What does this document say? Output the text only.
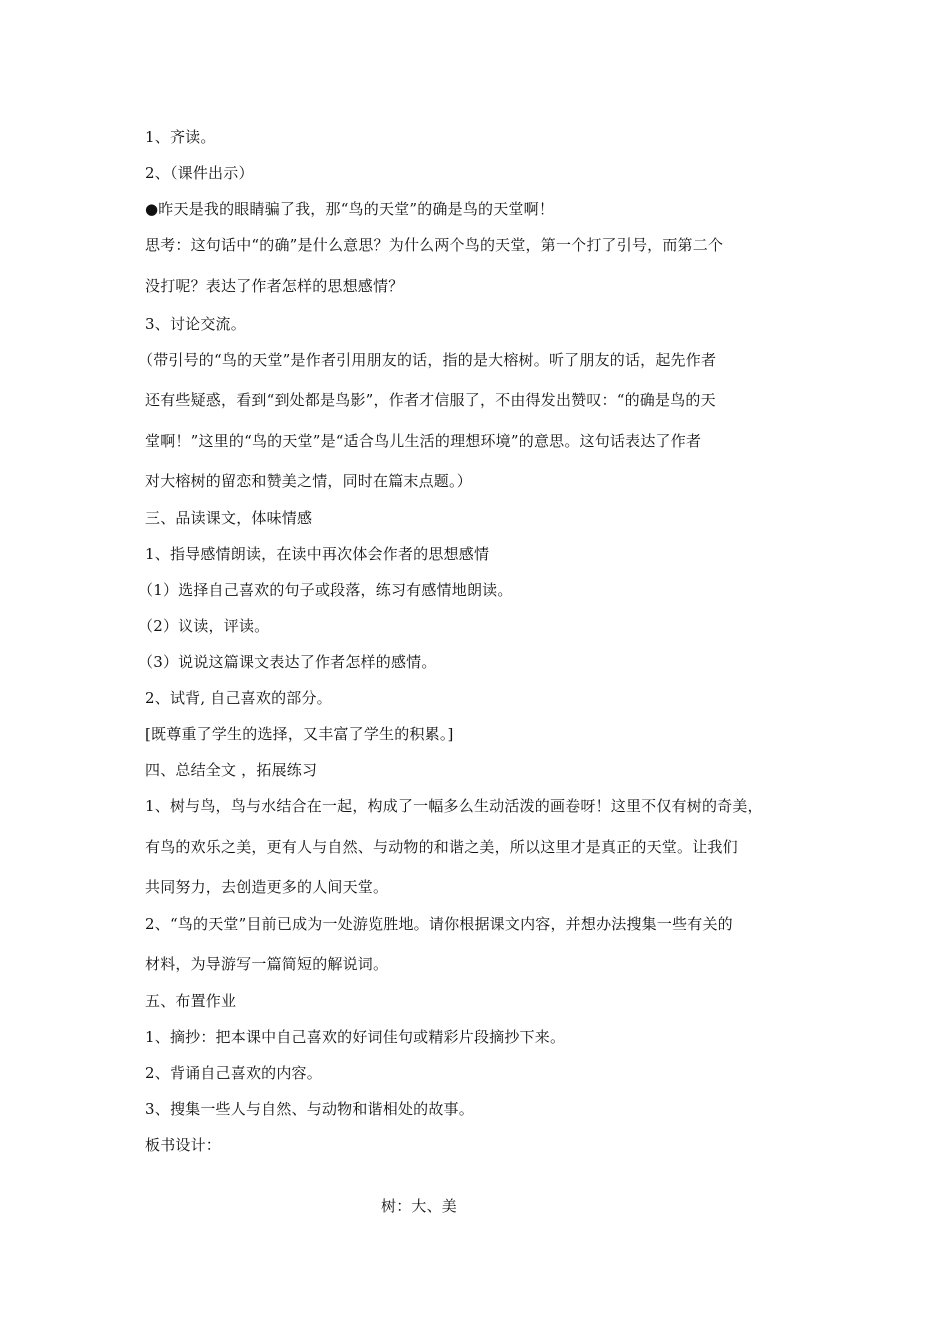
1、齐读。
2、（课件出示）
●昨天是我的眼睛骗了我，那“鸟的天堂”的确是鸟的天堂啊！
思考：这句话中“的确”是什么意思？为什么两个鸟的天堂，第一个打了引号，而第二个
没打呢？表达了作者怎样的思想感情？
3、讨论交流。
（带引号的“鸟的天堂”是作者引用朋友的话，指的是大榕树。听了朋友的话，起先作者
还有些疑惑，看到“到处都是鸟影”，作者才信服了，不由得发出赞叹：“的确是鸟的天
堂啊！”这里的“鸟的天堂”是“适合鸟儿生活的理想环境”的意思。这句话表达了作者
对大榕树的留恋和赞美之情，同时在篇末点题。）
三、品读课文，体味情感
1、指导感情朗读，在读中再次体会作者的思想感情
（1）选择自己喜欢的句子或段落，练习有感情地朗读。
（2）议读，评读。
（3）说说这篇课文表达了作者怎样的感情。
2、试背, 自己喜欢的部分。
[既尊重了学生的选择，又丰富了学生的积累。]
四、总结全文 ，拓展练习
1、树与鸟，鸟与水结合在一起，构成了一幅多么生动活泼的画卷呀！这里不仅有树的奇美，
有鸟的欢乐之美，更有人与自然、与动物的和谐之美，所以这里才是真正的天堂。让我们
共同努力，去创造更多的人间天堂。
2、“鸟的天堂”目前已成为一处游览胜地。请你根据课文内容，并想办法搜集一些有关的
材料，为导游写一篇简短的解说词。
五、布置作业
1、摘抄：把本课中自己喜欢的好词佳句或精彩片段摘抄下来。
2、背诵自己喜欢的内容。
3、搜集一些人与自然、与动物和谐相处的故事。
板书设计：
树：大、美
